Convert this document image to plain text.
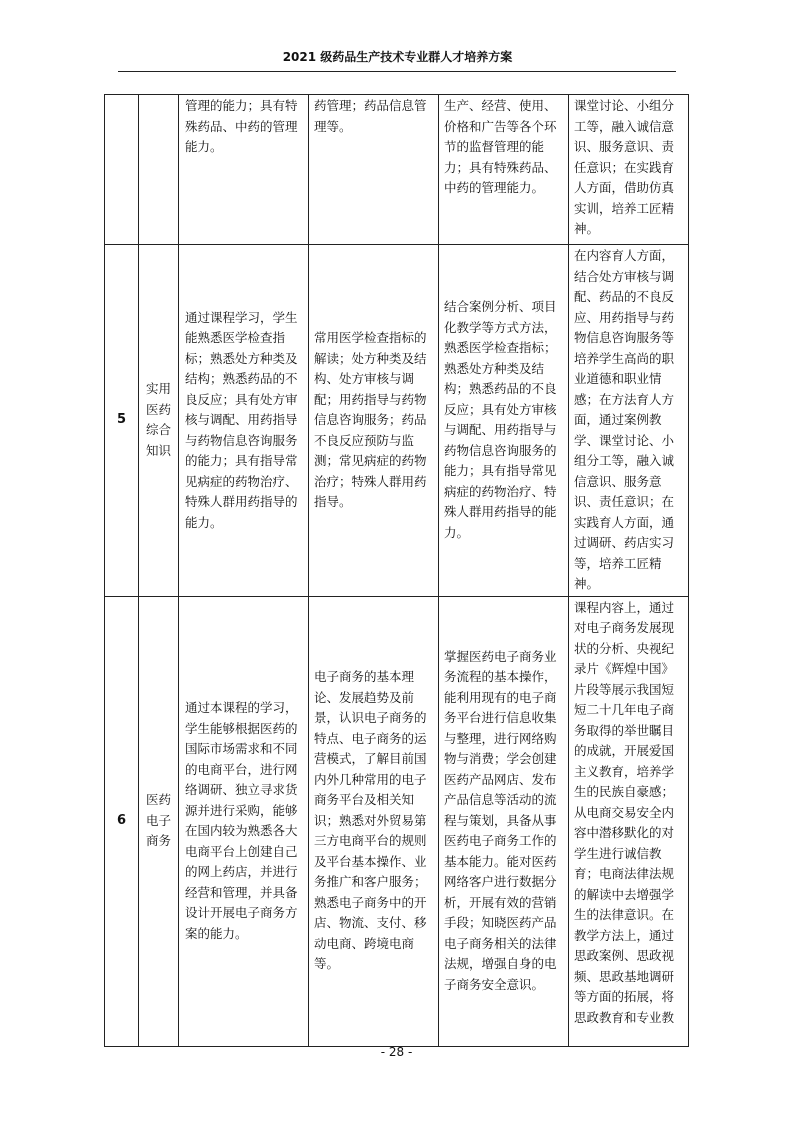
2021 级药品生产技术专业群人才培养方案
		管理的能力；具有特殊药品、中药的管理能力。	药管理；药品信息管理等。	生产、经营、使用、价格和广告等各个环节的监督管理的能力；具有特殊药品、中药的管理能力。	课堂讨论、小组分工等，融入诚信意识、服务意识、责任意识；在实践育人方面，借助仿真实训，培养工匠精神。
5	实用医药综合知识	通过课程学习，学生能熟悉医学检查指标；熟悉处方种类及结构；熟悉药品的不良反应；具有处方审核与调配、用药指导与药物信息咨询服务的能力；具有指导常见病症的药物治疗、特殊人群用药指导的能力。	常用医学检查指标的解读；处方种类及结构、处方审核与调配；用药指导与药物信息咨询服务；药品不良反应预防与监测；常见病症的药物治疗；特殊人群用药指导。	结合案例分析、项目化教学等方式方法，熟悉医学检查指标；熟悉处方种类及结构；熟悉药品的不良反应；具有处方审核与调配、用药指导与药物信息咨询服务的能力；具有指导常见病症的药物治疗、特殊人群用药指导的能力。	在内容育人方面，结合处方审核与调配、药品的不良反应、用药指导与药物信息咨询服务等培养学生高尚的职业道德和职业情感；在方法育人方面，通过案例教学、课堂讨论、小组分工等，融入诚信意识、服务意识、责任意识；在实践育人方面，通过调研、药店实习等，培养工匠精神。
6	医药电子商务	通过本课程的学习，学生能够根据医药的国际市场需求和不同的电商平台，进行网络调研、独立寻求货源并进行采购，能够在国内较为熟悉各大电商平台上创建自己的网上药店，并进行经营和管理，并具备设计开展电子商务方案的能力。	电子商务的基本理论、发展趋势及前景，认识电子商务的特点、电子商务的运营模式，了解目前国内外几种常用的电子商务平台及相关知识；熟悉对外贸易第三方电商平台的规则及平台基本操作、业务推广和客户服务；熟悉电子商务中的开店、物流、支付、移动电商、跨境电商等。	掌握医药电子商务业务流程的基本操作，能利用现有的电子商务平台进行信息收集与整理，进行网络购物与消费；学会创建医药产品网店、发布产品信息等活动的流程与策划，具备从事医药电子商务工作的基本能力。能对医药网络客户进行数据分析，开展有效的营销手段；知晓医药产品电子商务相关的法律法规，增强自身的电子商务安全意识。	课程内容上，通过对电子商务发展现状的分析、央视纪录片《辉煌中国》片段等展示我国短短二十几年电子商务取得的举世瞩目的成就，开展爱国主义教育，培养学生的民族自豪感；从电商交易安全内容中潜移默化的对学生进行诚信教育；电商法律法规的解读中去增强学生的法律意识。在教学方法上，通过思政案例、思政视频、思政基地调研等方面的拓展，将思政教育和专业教
- 28 -
